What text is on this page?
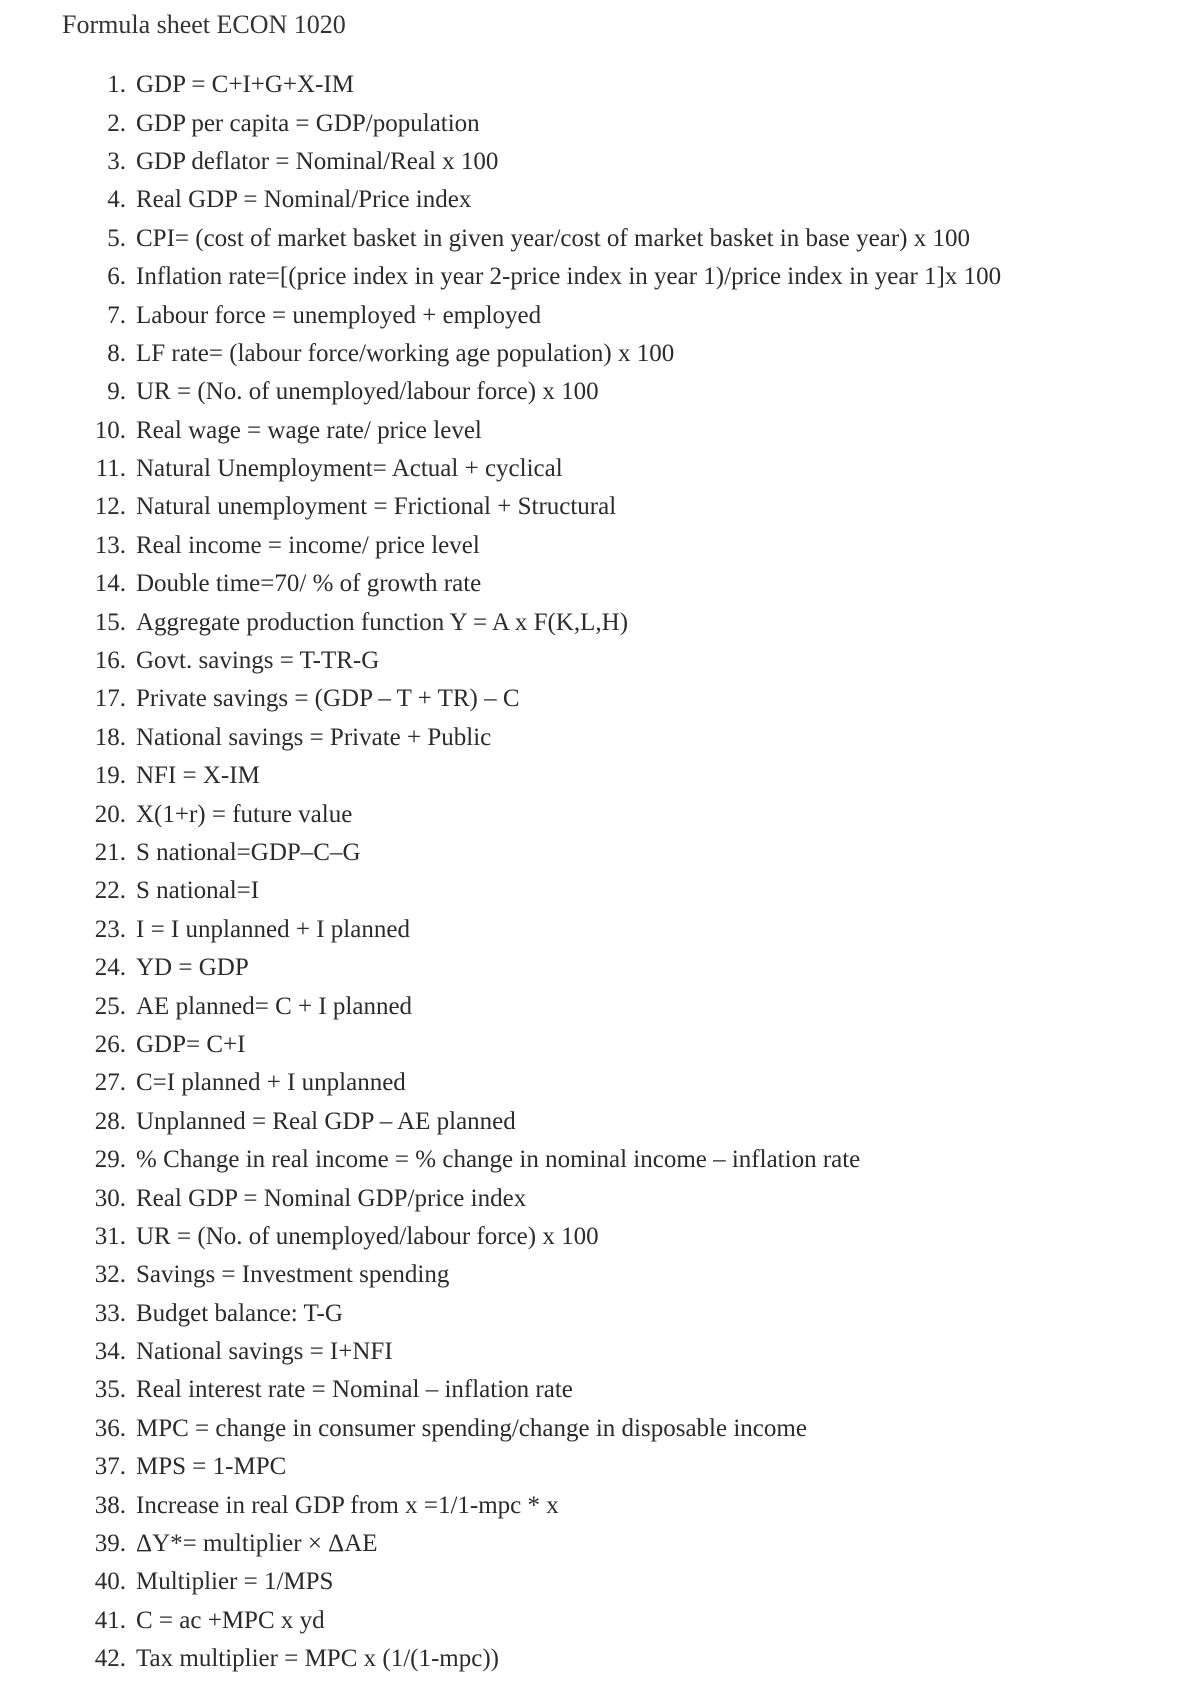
Formula sheet ECON 1020
1. GDP = C+I+G+X-IM
2. GDP per capita = GDP/population
3. GDP deflator = Nominal/Real x 100
4. Real GDP = Nominal/Price index
5. CPI= (cost of market basket in given year/cost of market basket in base year) x 100
6. Inflation rate=[(price index in year 2-price index in year 1)/price index in year 1]x 100
7. Labour force = unemployed + employed
8. LF rate= (labour force/working age population) x 100
9. UR = (No. of unemployed/labour force) x 100
10. Real wage = wage rate/ price level
11. Natural Unemployment= Actual + cyclical
12. Natural unemployment = Frictional + Structural
13. Real income = income/ price level
14. Double time=70/ % of growth rate
15. Aggregate production function Y = A x F(K,L,H)
16. Govt. savings = T-TR-G
17. Private savings = (GDP – T + TR) – C
18. National savings = Private + Public
19. NFI = X-IM
20. X(1+r) = future value
21. S national=GDP–C–G
22. S national=I
23. I = I unplanned + I planned
24. YD = GDP
25. AE planned= C + I planned
26. GDP= C+I
27. C=I planned + I unplanned
28. Unplanned = Real GDP – AE planned
29. % Change in real income = % change in nominal income – inflation rate
30. Real GDP = Nominal GDP/price index
31. UR = (No. of unemployed/labour force) x 100
32. Savings = Investment spending
33. Budget balance: T-G
34. National savings = I+NFI
35. Real interest rate = Nominal – inflation rate
36. MPC = change in consumer spending/change in disposable income
37. MPS = 1-MPC
38. Increase in real GDP from x =1/1-mpc * x
39. ΔY*= multiplier × ΔAE
40. Multiplier = 1/MPS
41. C = ac +MPC x yd
42. Tax multiplier = MPC x (1/(1-mpc))
